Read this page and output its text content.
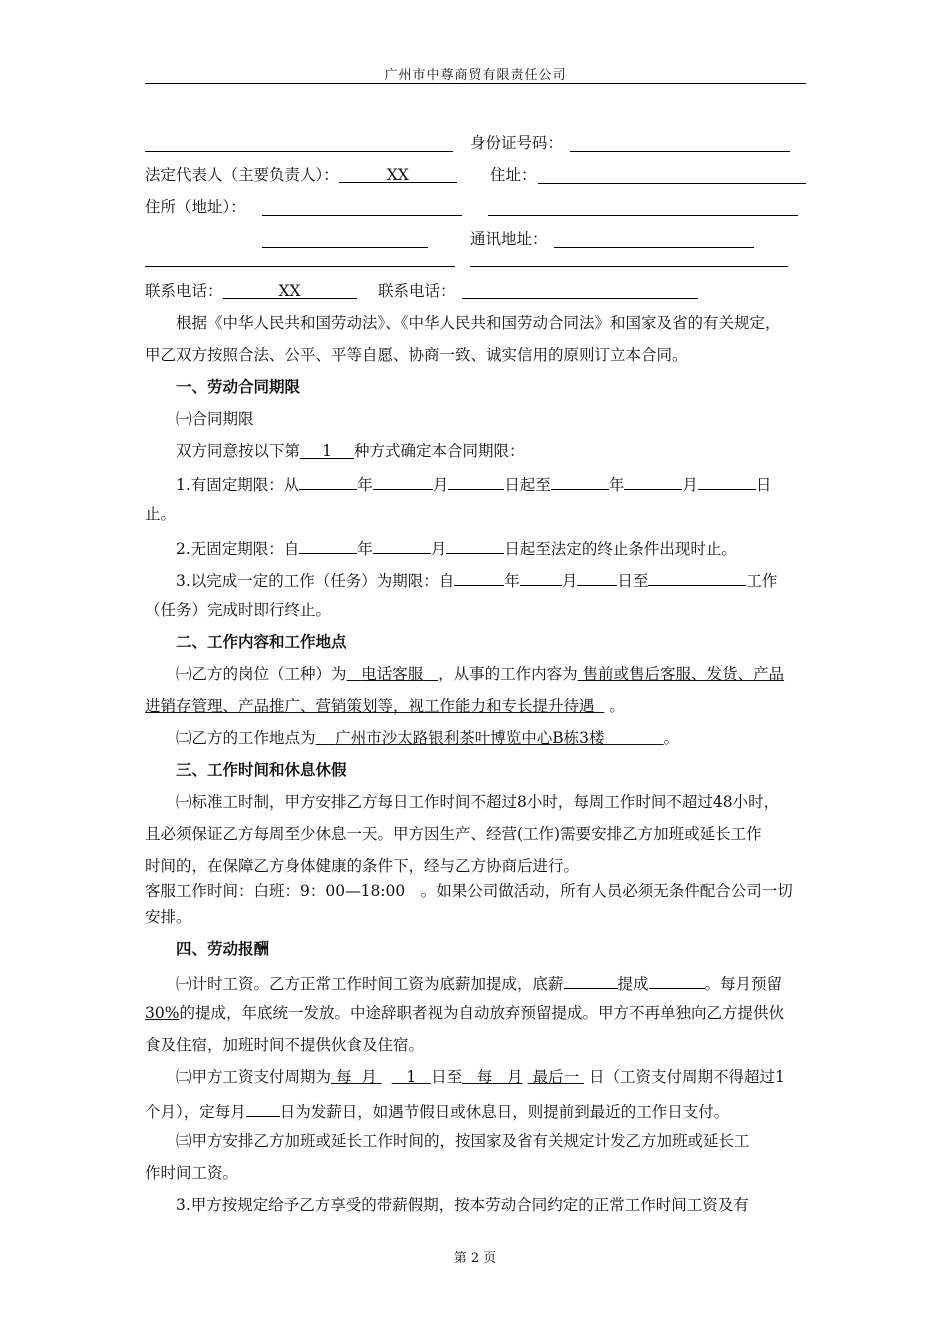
广州市中尊商贸有限责任公司
身份证号码：
法定代表人（主要负责人）：	XX	住址：
住所（地址）：
通讯地址：
联系电话：	XX	联系电话：
根据《中华人民共和国劳动法》、《中华人民共和国劳动合同法》和国家及省的有关规定，
甲乙双方按照合法、公平、平等自愿、协商一致、诚实信用的原则订立本合同。
一、劳动合同期限
㈠合同期限
双方同意按以下第 1 种方式确定本合同期限：
1.有固定期限：从	年	月	日起至	年	月	日
止。
2.无固定期限：自	年	月	日起至法定的终止条件出现时止。
3.以完成一定的工作（任务）为期限：自	年	月	日至	工作
（任务）完成时即行终止。
二、工作内容和工作地点
㈠乙方的岗位（工种）为 电话客服 ，从事的工作内容为 售前或售后客服、发货、产品
进销存管理、产品推广、营销策划等，视工作能力和专长提升待遇 。
㈡乙方的工作地点为 广州市沙太路银利茶叶博览中心B栋3楼	。
三、工作时间和休息休假
㈠标准工时制，甲方安排乙方每日工作时间不超过8小时，每周工作时间不超过48小时，
且必须保证乙方每周至少休息一天。甲方因生产、经营(工作)需要安排乙方加班或延长工作
时间的，在保障乙方身体健康的条件下，经与乙方协商后进行。
客服工作时间：白班：9：00—18:00　。如果公司做活动，所有人员必须无条件配合公司一切
安排。
四、劳动报酬
㈠计时工资。乙方正常工作时间工资为底薪加提成，底薪	提成	。每月预留
30%的提成，年底统一发放。中途辞职者视为自动放弃预留提成。甲方不再单独向乙方提供伙
食及住宿，加班时间不提供伙食及住宿。
㈡甲方工资支付周期为 每 月 1 日至 每 月 最后一 日（工资支付周期不得超过1
个月），定每月 日为发薪日，如遇节假日或休息日，则提前到最近的工作日支付。
㈢甲方安排乙方加班或延长工作时间的，按国家及省有关规定计发乙方加班或延长工
作时间工资。
3.甲方按规定给予乙方享受的带薪假期，按本劳动合同约定的正常工作时间工资及有
第 2 页
